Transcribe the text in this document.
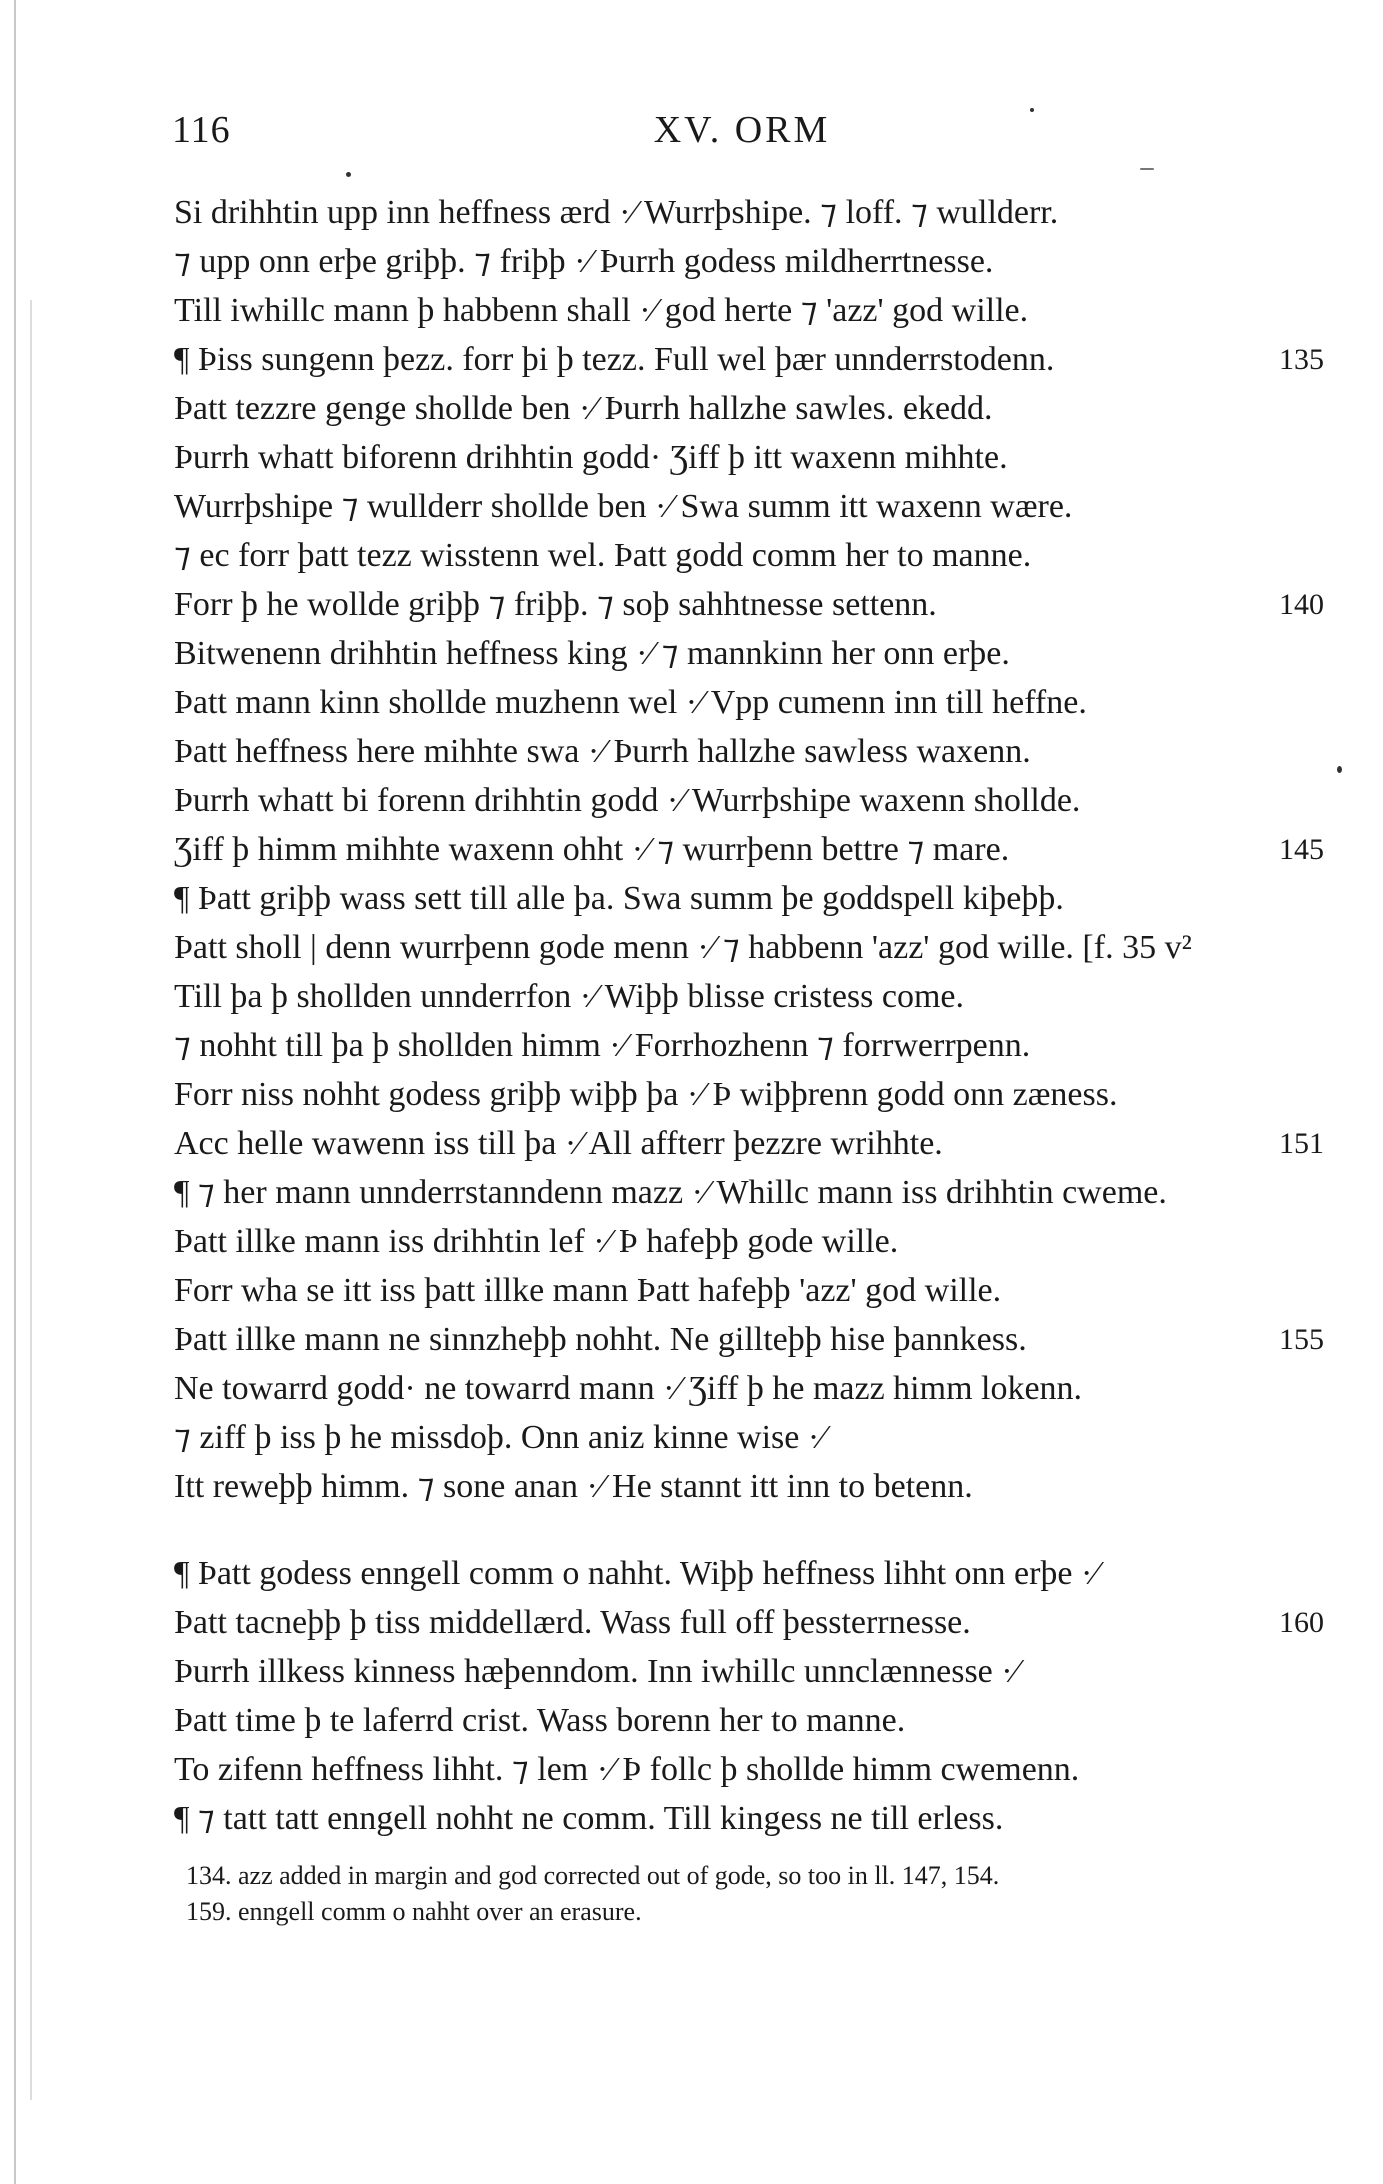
116	XV. ORM
Si drihhtin upp inn heffness ærd ·⁄ Wurrþshipe. ⁊ loff. ⁊ wullderr.
⁊ upp onn erþe griþþ. ⁊ friþþ ·⁄ Þurrh godess mildherrtnesse.
Till iwhillc mann þ habbenn shall ·⁄ god herte ⁊ 'azz' god wille.
¶ Þiss sungenn þezz. forr þi þ tezz. Full wel þær unnderrstodenn.	135
Þatt tezzre genge shollde ben ·⁄ Þurrh hallzhe sawles. ekedd.
Þurrh whatt biforenn drihhtin godd· Ʒiff þ itt waxenn mihhte.
Wurrþshipe ⁊ wullderr shollde ben ·⁄ Swa summ itt waxenn wære.
⁊ ec forr þatt tezz wisstenn wel. Þatt godd comm her to manne.
Forr þ he wollde griþþ ⁊ friþþ. ⁊ soþ sahhtnesse settenn.	140
Bitwenenn drihhtin heffness king ·⁄ ⁊ mannkinn her onn erþe.
Þatt mann kinn shollde muzhenn wel ·⁄ Vpp cumenn inn till heffne.
Þatt heffness here mihhte swa ·⁄ Þurrh hallzhe sawless waxenn.
Þurrh whatt bi forenn drihhtin godd ·⁄ Wurrþshipe waxenn shollde.
Ʒiff þ himm mihhte waxenn ohht ·⁄ ⁊ wurrþenn bettre ⁊ mare.	145
¶ Þatt griþþ wass sett till alle þa. Swa summ þe goddspell kiþeþþ.
Þatt sholl | denn wurrþenn gode menn ·⁄ ⁊ habbenn 'azz' god wille. [f. 35 v²
Till þa þ shollden unnderrfon ·⁄ Wiþþ blisse cristess come.
⁊ nohht till þa þ shollden himm ·⁄ Forrhozhenn ⁊ forrwerrpenn.
Forr niss nohht godess griþþ wiþþ þa ·⁄ Þ wiþþrenn godd onn zæness.
Acc helle wawenn iss till þa ·⁄ All affterr þezzre wrihhte.	151
¶ ⁊ her mann unnderrstanndenn mazz ·⁄ Whillc mann iss drihhtin cweme.
Þatt illke mann iss drihhtin lef ·⁄ Þ hafeþþ gode wille.
Forr wha se itt iss þatt illke mann Þatt hafeþþ 'azz' god wille.
Þatt illke mann ne sinnzheþþ nohht. Ne gillteþþ hise þannkess.	155
Ne towarrd godd· ne towarrd mann ·⁄ Ʒiff þ he mazz himm lokenn.
⁊ ziff þ iss þ he missdoþ. Onn aniz kinne wise ·⁄
Itt reweþþ himm. ⁊ sone anan ·⁄ He stannt itt inn to betenn.
¶ Þatt godess enngell comm o nahht. Wiþþ heffness lihht onn erþe ·⁄
Þatt tacneþþ þ tiss middellærd. Wass full off þessterrnesse.	160
Þurrh illkess kinness hæþenndom. Inn iwhillc unnclænnesse ·⁄
Þatt time þ te laferrd crist. Wass borenn her to manne.
To zifenn heffness lihht. ⁊ lem ·⁄ Þ follc þ shollde himm cwemenn.
¶ ⁊ tatt tatt enngell nohht ne comm. Till kingess ne till erless.
134. azz added in margin and god corrected out of gode, so too in ll. 147, 154.
159. enngell comm o nahht over an erasure.
